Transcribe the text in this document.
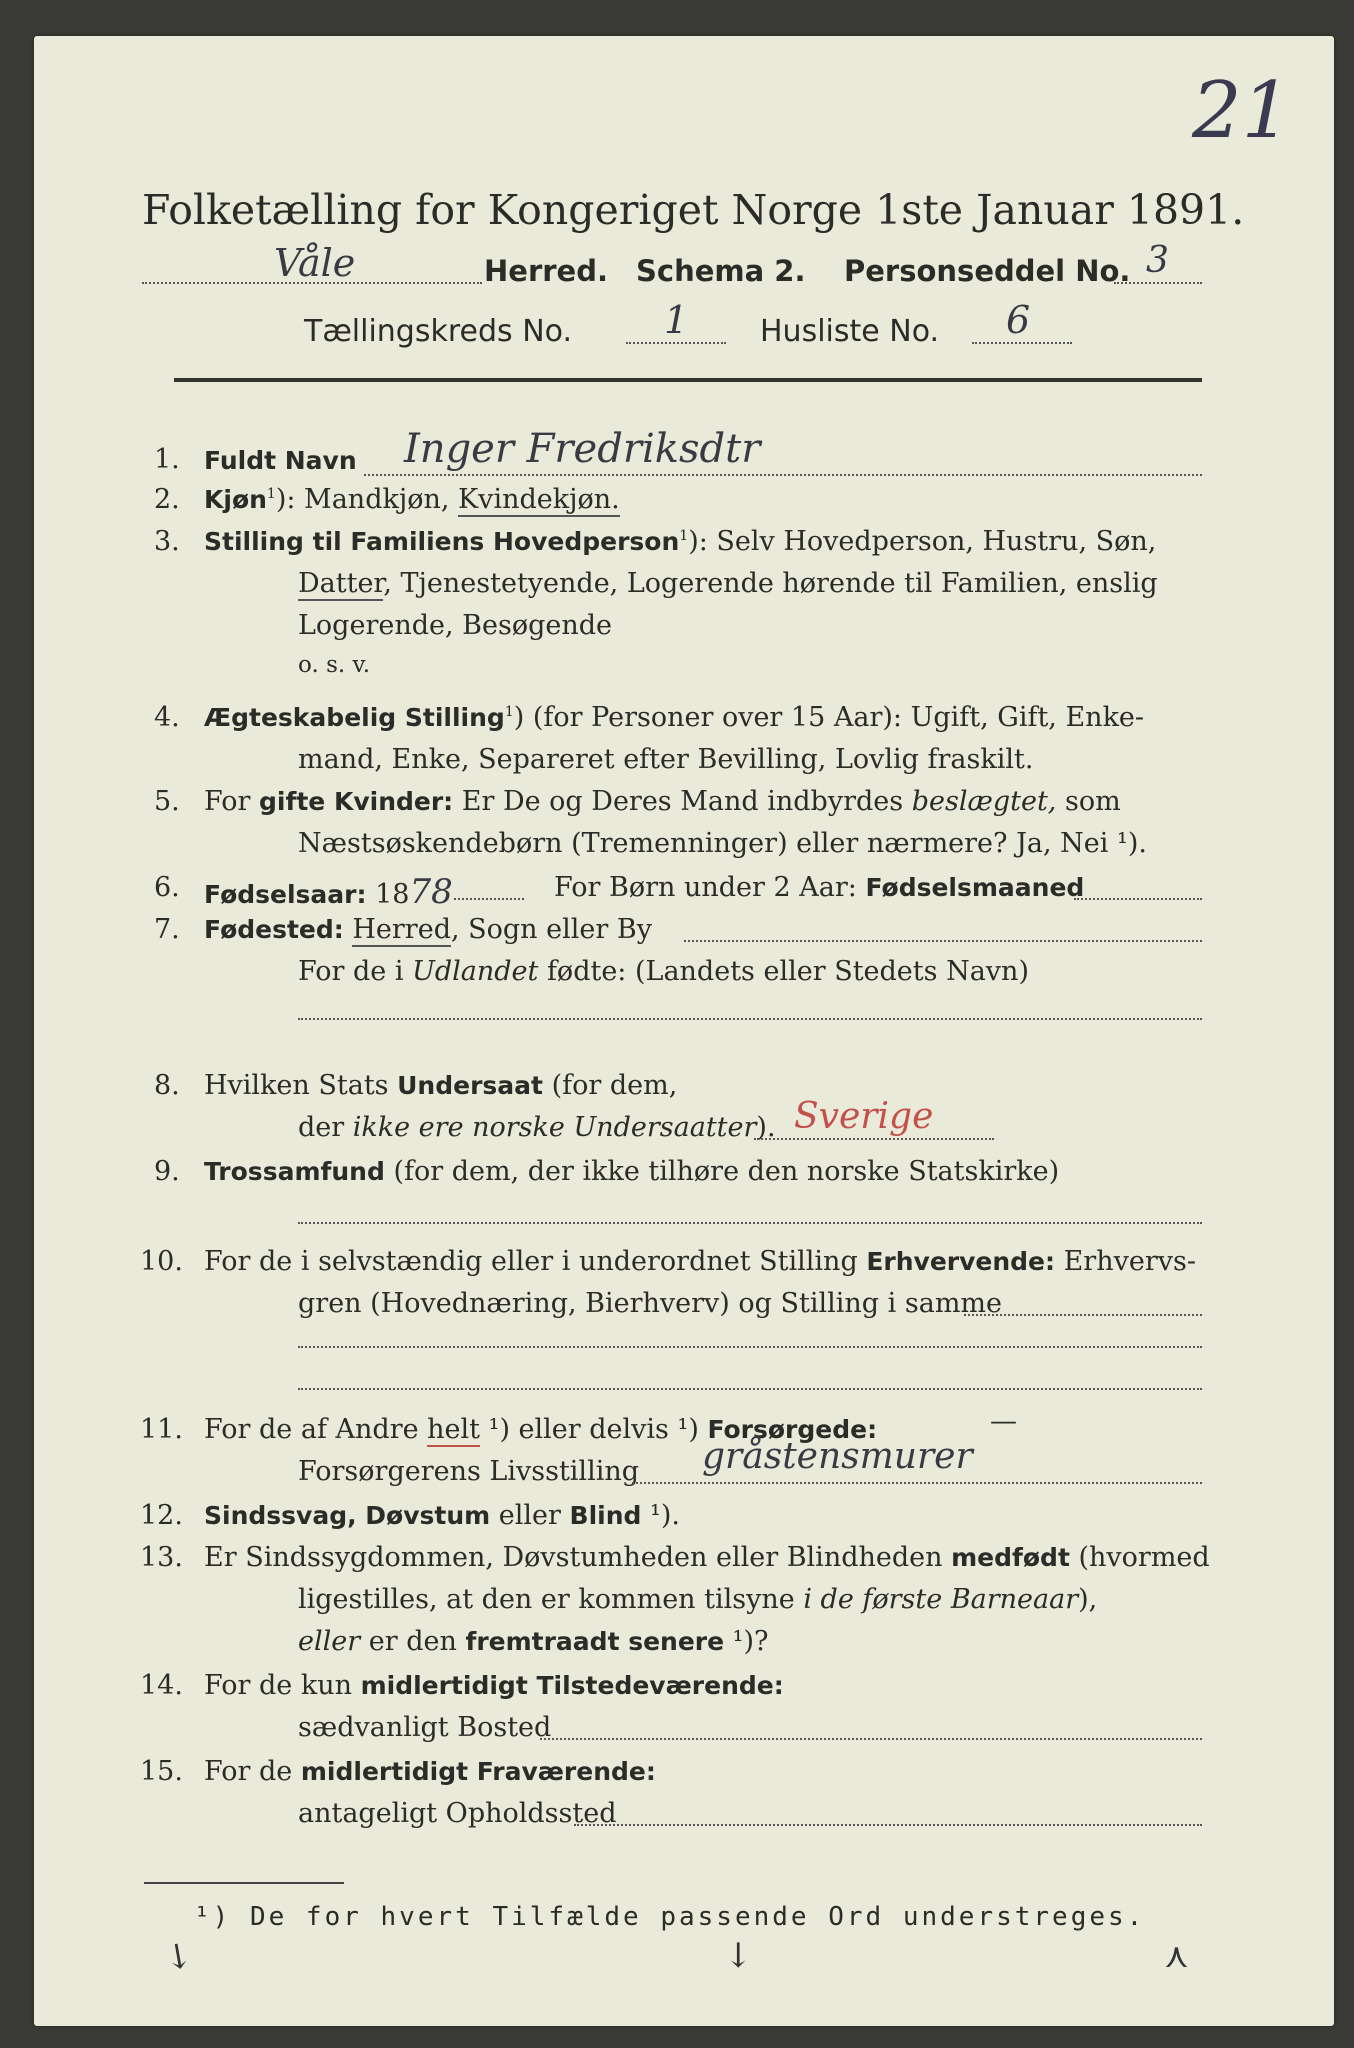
21
Folketælling for Kongeriget Norge 1ste Januar 1891.
Våle	Herred. Schema 2. Personseddel No. 3
Tællingskreds No. 1 Husliste No. 6
1. Fuldt Navn Inger Fredriksdtr
2. Kjøn$^1$): Mandkjøn, Kvindekjøn.
3. Stilling til Familiens Hovedperson$^1$): Selv Hovedperson, Hustru, Søn,
Datter, Tjenestetyende, Logerende hørende til Familien, enslig
Logerende, Besøgende
o. s. v.
4. Ægteskabelig Stilling$^1$) (for Personer over 15 Aar): Ugift, Gift, Enke-
mand, Enke, Separeret efter Bevilling, Lovlig fraskilt.
5. For gifte Kvinder: Er De og Deres Mand indbyrdes beslægtet, som
Næstsøskendebørn (Tremenninger) eller nærmere? Ja, Nei ¹).
6. Fødselsaar: 1878	For Børn under 2 Aar: Fødselsmaaned
7. Fødested: Herred, Sogn eller By
For de i Udlandet fødte: (Landets eller Stedets Navn)
8. Hvilken Stats Undersaat (for dem,
der ikke ere norske Undersaatter). Sverige
9. Trossamfund (for dem, der ikke tilhøre den norske Statskirke)
10. For de i selvstændig eller i underordnet Stilling Erhvervende: Erhvervs-
gren (Hovednæring, Bierhverv) og Stilling i samme
11. For de af Andre helt ¹) eller delvis ¹) Forsørgede:	—
Forsørgerens Livsstilling gråstensmurer
12. Sindssvag, Døvstum eller Blind ¹).
13. Er Sindssygdommen, Døvstumheden eller Blindheden medfødt (hvormed
ligestilles, at den er kommen tilsyne i de første Barneaar),
eller er den fremtraadt senere ¹)?
14. For de kun midlertidigt Tilstedeværende:
sædvanligt Bosted
15. For de midlertidigt Fraværende:
antageligt Opholdssted
¹) De for hvert Tilfælde passende Ord understreges.
↘	↓	⋏
